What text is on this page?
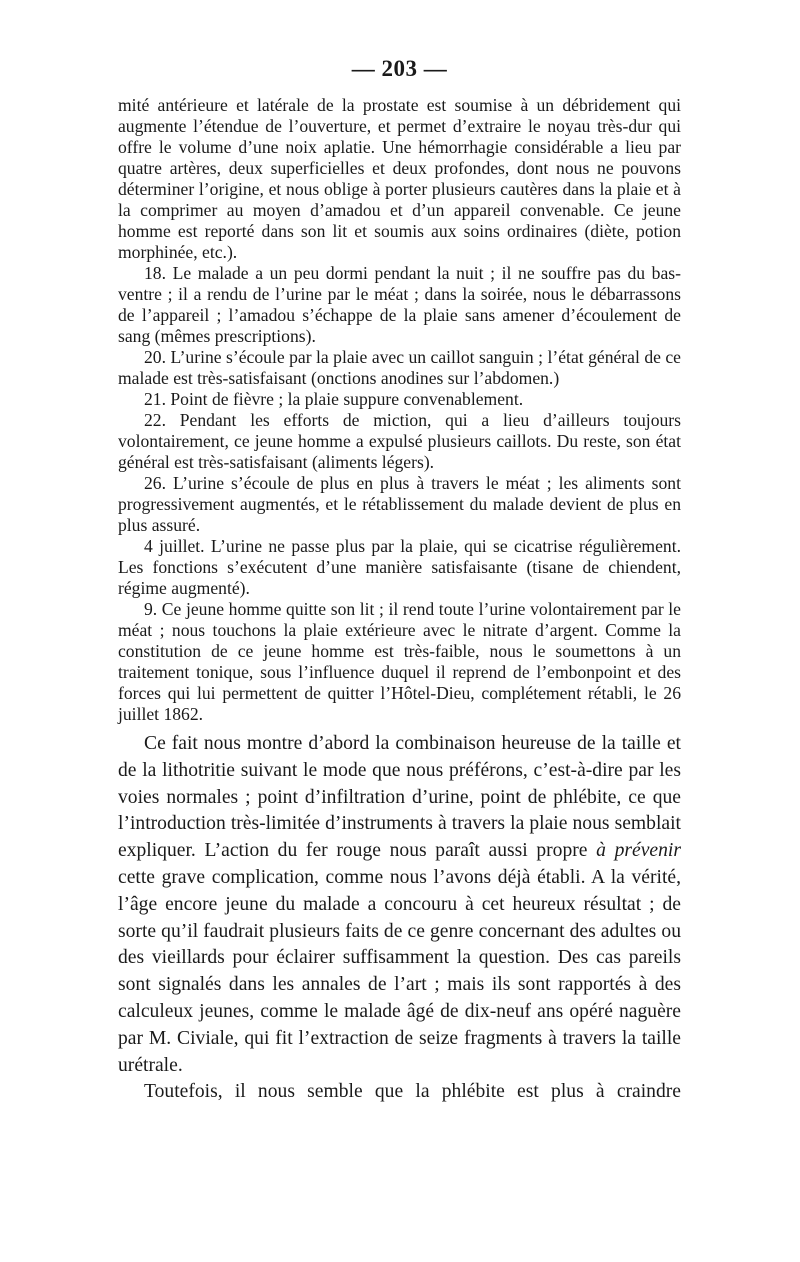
— 203 —

mité antérieure et latérale de la prostate est soumise à un débridement qui augmente l’étendue de l’ouverture, et permet d’extraire le noyau très-dur qui offre le volume d’une noix aplatie. Une hémorrhagie considérable a lieu par quatre artères, deux superficielles et deux profondes, dont nous ne pouvons déterminer l’origine, et nous oblige à porter plusieurs cautères dans la plaie et à la comprimer au moyen d’amadou et d’un appareil convenable. Ce jeune homme est reporté dans son lit et soumis aux soins ordinaires (diète, potion morphinée, etc.).

18. Le malade a un peu dormi pendant la nuit ; il ne souffre pas du bas-ventre ; il a rendu de l’urine par le méat ; dans la soirée, nous le débarrassons de l’appareil ; l’amadou s’échappe de la plaie sans amener d’écoulement de sang (mêmes prescriptions).

20. L’urine s’écoule par la plaie avec un caillot sanguin ; l’état général de ce malade est très-satisfaisant (onctions anodines sur l’abdomen.)

21. Point de fièvre ; la plaie suppure convenablement.

22. Pendant les efforts de miction, qui a lieu d’ailleurs toujours volontairement, ce jeune homme a expulsé plusieurs caillots. Du reste, son état général est très-satisfaisant (aliments légers).

26. L’urine s’écoule de plus en plus à travers le méat ; les aliments sont progressivement augmentés, et le rétablissement du malade devient de plus en plus assuré.

4 juillet. L’urine ne passe plus par la plaie, qui se cicatrise régulièrement. Les fonctions s’exécutent d’une manière satisfaisante (tisane de chiendent, régime augmenté).

9. Ce jeune homme quitte son lit ; il rend toute l’urine volontairement par le méat ; nous touchons la plaie extérieure avec le nitrate d’argent. Comme la constitution de ce jeune homme est très-faible, nous le soumettons à un traitement tonique, sous l’influence duquel il reprend de l’embonpoint et des forces qui lui permettent de quitter l’Hôtel-Dieu, complétement rétabli, le 26 juillet 1862.

Ce fait nous montre d’abord la combinaison heureuse de la taille et de la lithotritie suivant le mode que nous préférons, c’est-à-dire par les voies normales ; point d’infiltration d’urine, point de phlébite, ce que l’introduction très-limitée d’instruments à travers la plaie nous semblait expliquer. L’action du fer rouge nous paraît aussi propre à prévenir cette grave complication, comme nous l’avons déjà établi. A la vérité, l’âge encore jeune du malade a concouru à cet heureux résultat ; de sorte qu’il faudrait plusieurs faits de ce genre concernant des adultes ou des vieillards pour éclairer suffisamment la question. Des cas pareils sont signalés dans les annales de l’art ; mais ils sont rapportés à des calculeux jeunes, comme le malade âgé de dix-neuf ans opéré naguère par M. Civiale, qui fit l’extraction de seize fragments à travers la taille urétrale.

Toutefois, il nous semble que la phlébite est plus à craindre
